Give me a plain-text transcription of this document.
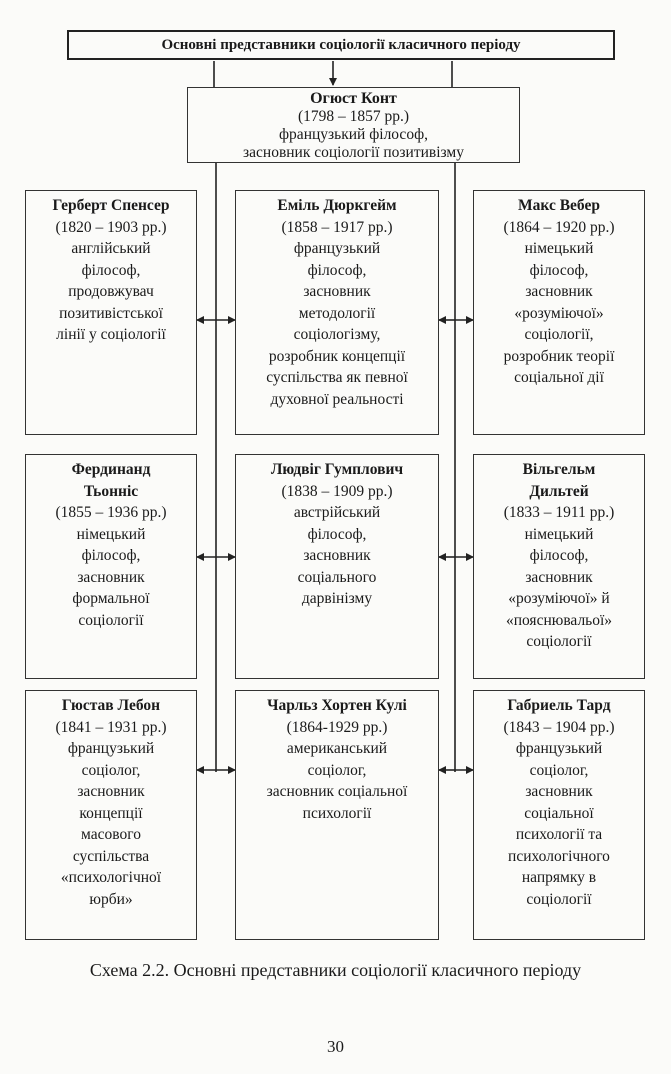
Основні представники соціології класичного періоду
Огюст Конт
(1798 – 1857 рр.)
французький філософ,
засновник соціології позитивізму
Герберт Спенсер
(1820 – 1903 рр.)
англійський
філософ,
продовжувач
позитивістської
лінії у соціології
Еміль Дюркгейм
(1858 – 1917 рр.)
французький
філософ,
засновник
методології
соціологізму,
розробник концепції
суспільства як певної
духовної реальності
Макс Вебер
(1864 – 1920 рр.)
німецький
філософ,
засновник
«розуміючої»
соціології,
розробник теорії
соціальної дії
Фердинанд
Тьонніс
(1855 – 1936 рр.)
німецький
філософ,
засновник
формальної
соціології
Людвіг Гумплович
(1838 – 1909 рр.)
австрійський
філософ,
засновник
соціального
дарвінізму
Вільгельм
Дильтей
(1833 – 1911 рр.)
німецький
філософ,
засновник
«розуміючої» й
«пояснювальої»
соціології
Гюстав Лебон
(1841 – 1931 рр.)
французький
соціолог,
засновник
концепції
масового
суспільства
«психологічної
юрби»
Чарльз Хортен Кулі
(1864-1929 рр.)
американський
соціолог,
засновник соціальної
психології
Габриель Тард
(1843 – 1904 рр.)
французький
соціолог,
засновник
соціальної
психології та
психологічного
напрямку в
соціології
Схема 2.2. Основні представники соціології класичного періоду
30
